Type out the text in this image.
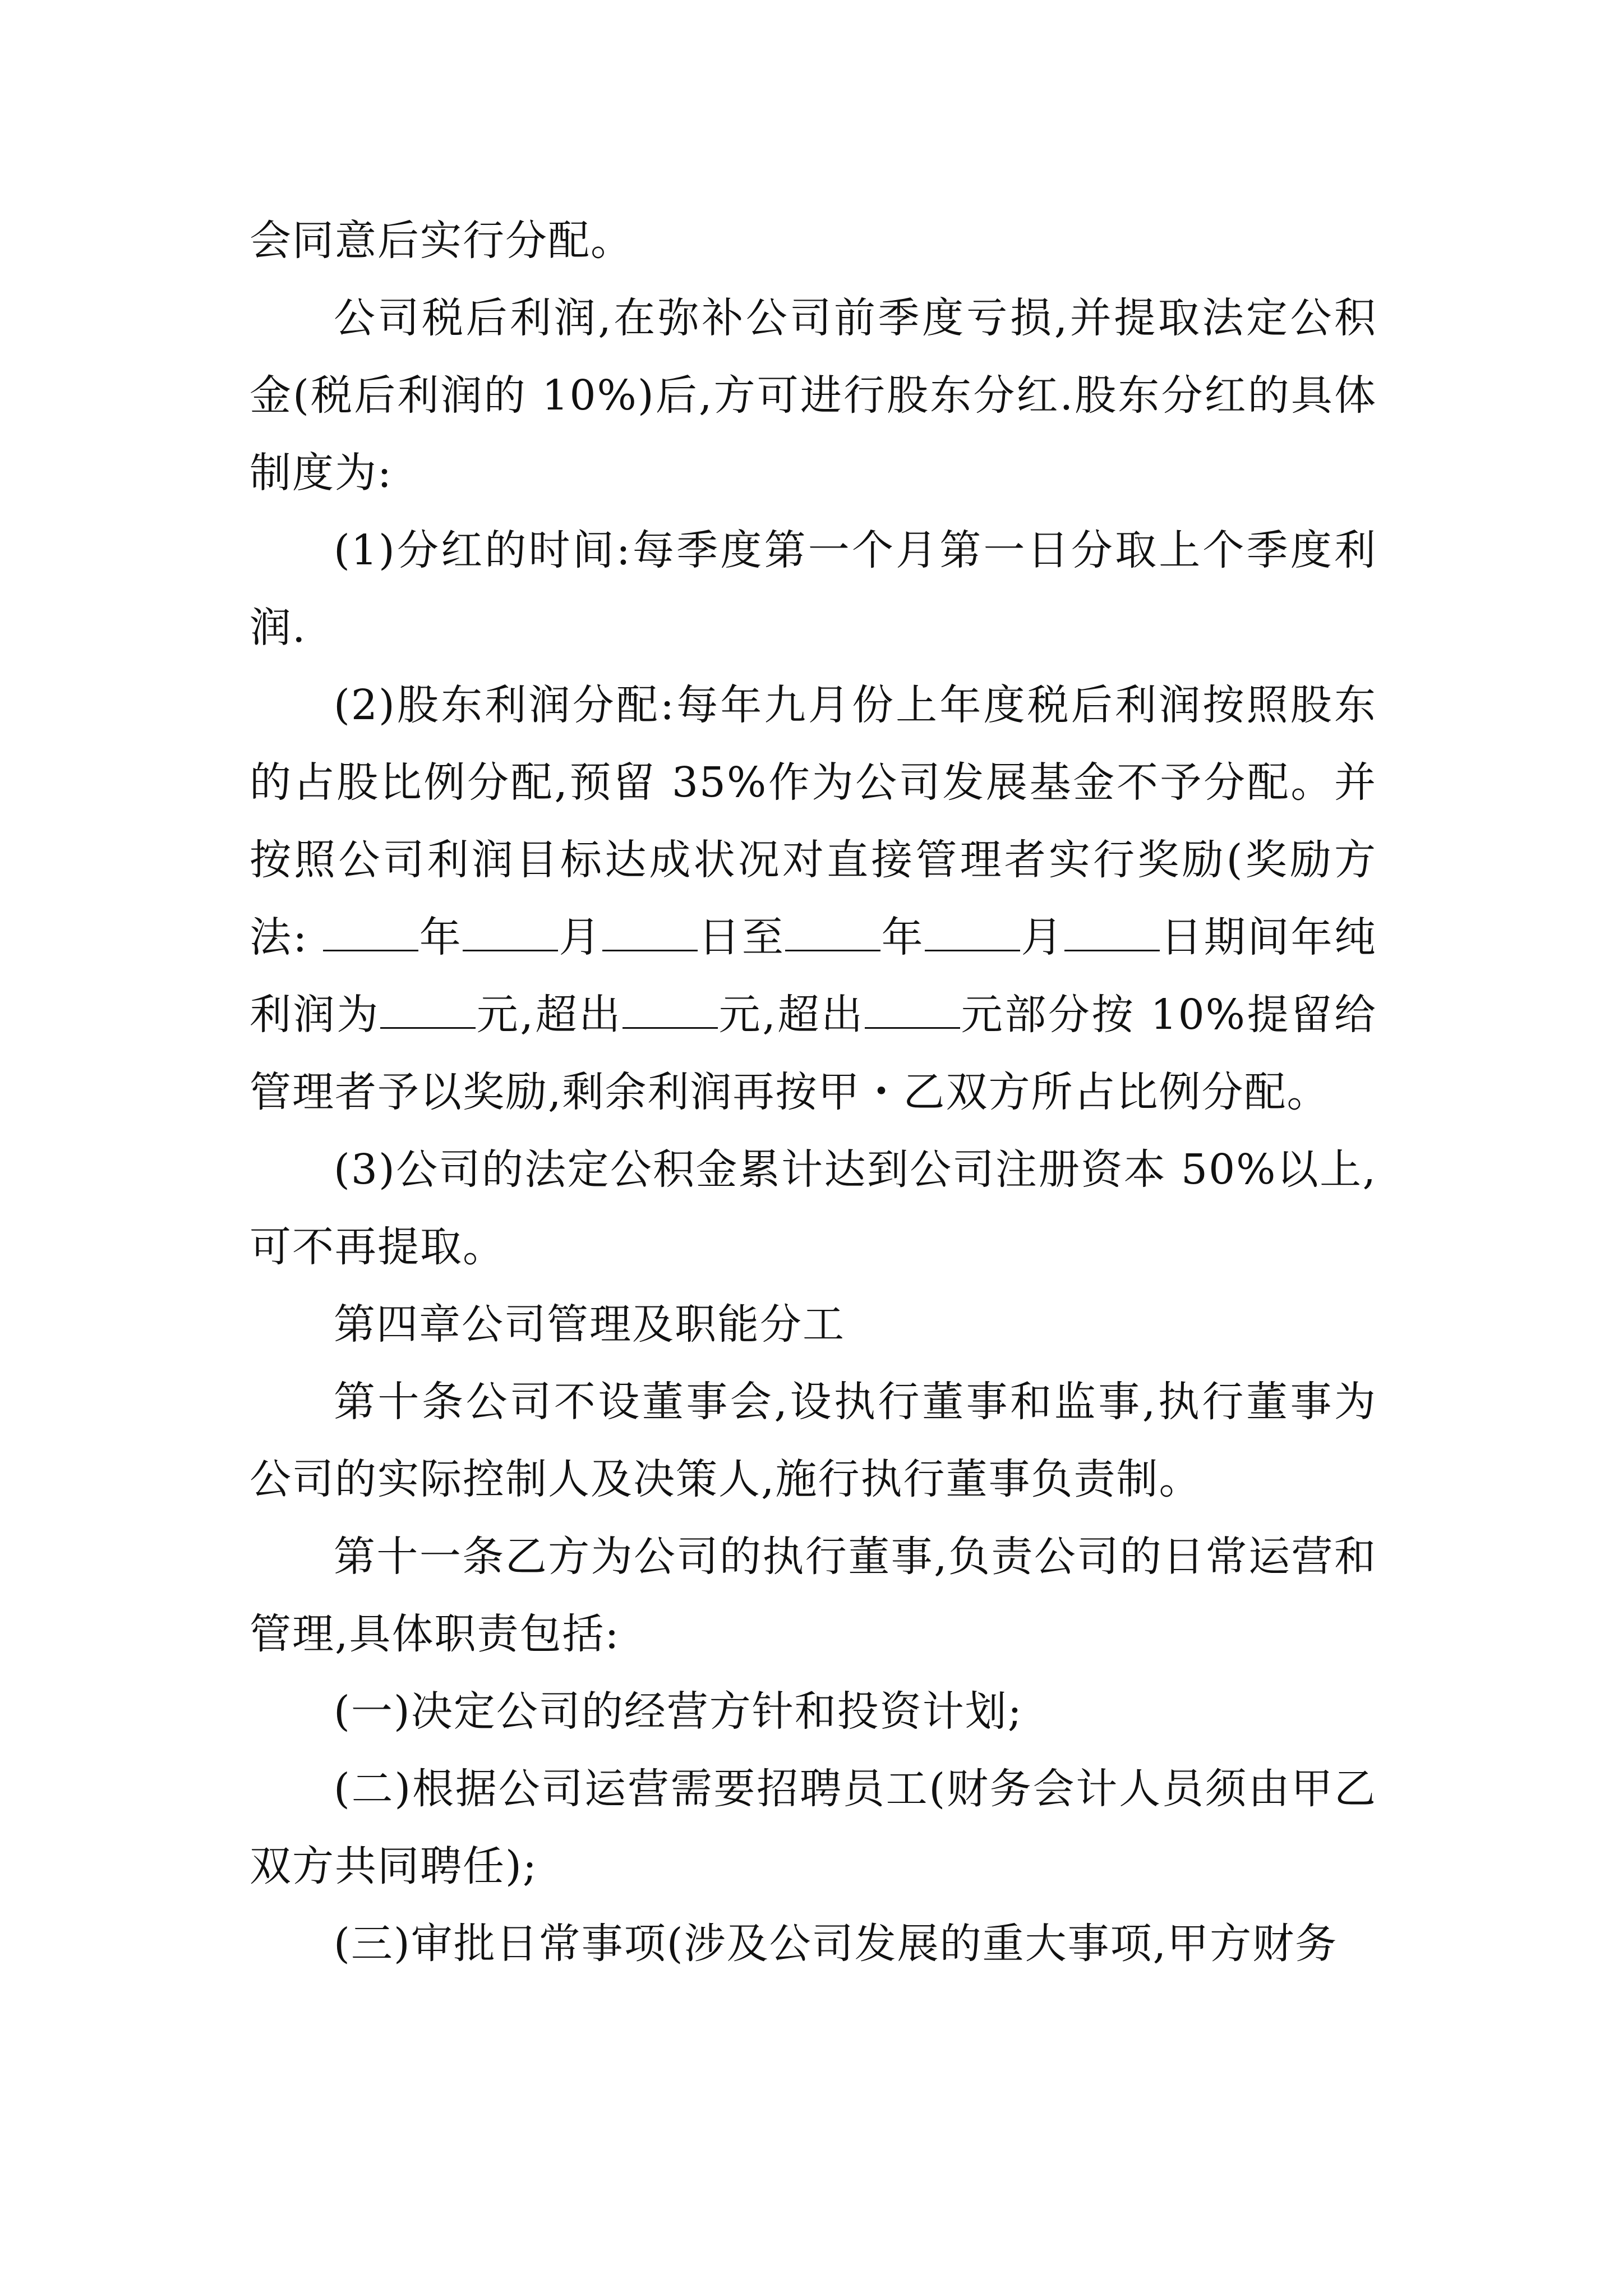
会同意后实行分配。

公司税后利润,在弥补公司前季度亏损,并提取法定公积金(税后利润的 10%)后,方可进行股东分红.股东分红的具体制度为:

(1)分红的时间:每季度第一个月第一日分取上个季度利润.

(2)股东利润分配:每年九月份上年度税后利润按照股东的占股比例分配,预留 35%作为公司发展基金不予分配。并按照公司利润目标达成状况对直接管理者实行奖励(奖励方法: 年 月 日至 年 月 日期间年纯利润为 元,超出 元,超出 元部分按 10%提留给管理者予以奖励,剩余利润再按甲・乙双方所占比例分配。

(3)公司的法定公积金累计达到公司注册资本 50%以上,可不再提取。

第四章公司管理及职能分工

第十条公司不设董事会,设执行董事和监事,执行董事为公司的实际控制人及决策人,施行执行董事负责制。

第十一条乙方为公司的执行董事,负责公司的日常运营和管理,具体职责包括:

(一)决定公司的经营方针和投资计划;

(二)根据公司运营需要招聘员工(财务会计人员须由甲乙双方共同聘任);

(三)审批日常事项(涉及公司发展的重大事项,甲方财务
